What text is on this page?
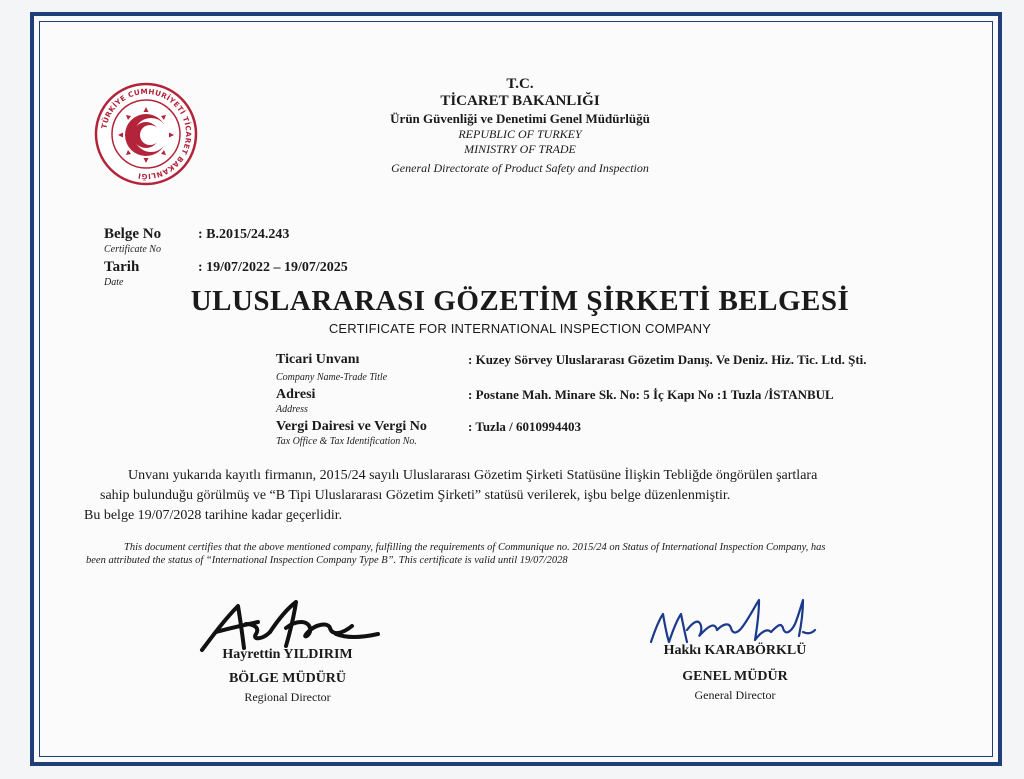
TÜRKİYE CUMHURİYETİ TİCARET BAKANLIĞI
T.C.
TİCARET BAKANLIĞI
Ürün Güvenliği ve Denetimi Genel Müdürlüğü
REPUBLIC OF TURKEY
MINISTRY OF TRADE
General Directorate of Product Safety and Inspection
Belge No
Certificate No
: B.2015/24.243
Tarih
Date
: 19/07/2022 – 19/07/2025
ULUSLARARASI GÖZETİM ŞİRKETİ BELGESİ
CERTIFICATE FOR INTERNATIONAL INSPECTION COMPANY
Ticari Unvanı
Company Name-Trade Title
: Kuzey Sörvey Uluslararası Gözetim Danış. Ve Deniz. Hiz. Tic. Ltd. Şti.
Adresi
Address
: Postane Mah. Minare Sk. No: 5 İç Kapı No :1 Tuzla /İSTANBUL
Vergi Dairesi ve Vergi No
Tax Office & Tax Identification No.
: Tuzla / 6010994403
Unvanı yukarıda kayıtlı firmanın, 2015/24 sayılı Uluslararası Gözetim Şirketi Statüsüne İlişkin Tebliğde öngörülen şartlara
sahip bulunduğu görülmüş ve “B Tipi Uluslararası Gözetim Şirketi” statüsü verilerek, işbu belge düzenlenmiştir.
Bu belge 19/07/2028 tarihine kadar geçerlidir.
This document certifies that the above mentioned company, fulfilling the requirements of Communique no. 2015/24 on Status of International Inspection Company, has
been attributed the status of “International Inspection Company Type B”. This certificate is valid until 19/07/2028
Hayrettin YILDIRIM
BÖLGE MÜDÜRÜ
Regional Director
Hakkı KARABÖRKLÜ
GENEL MÜDÜR
General Director
